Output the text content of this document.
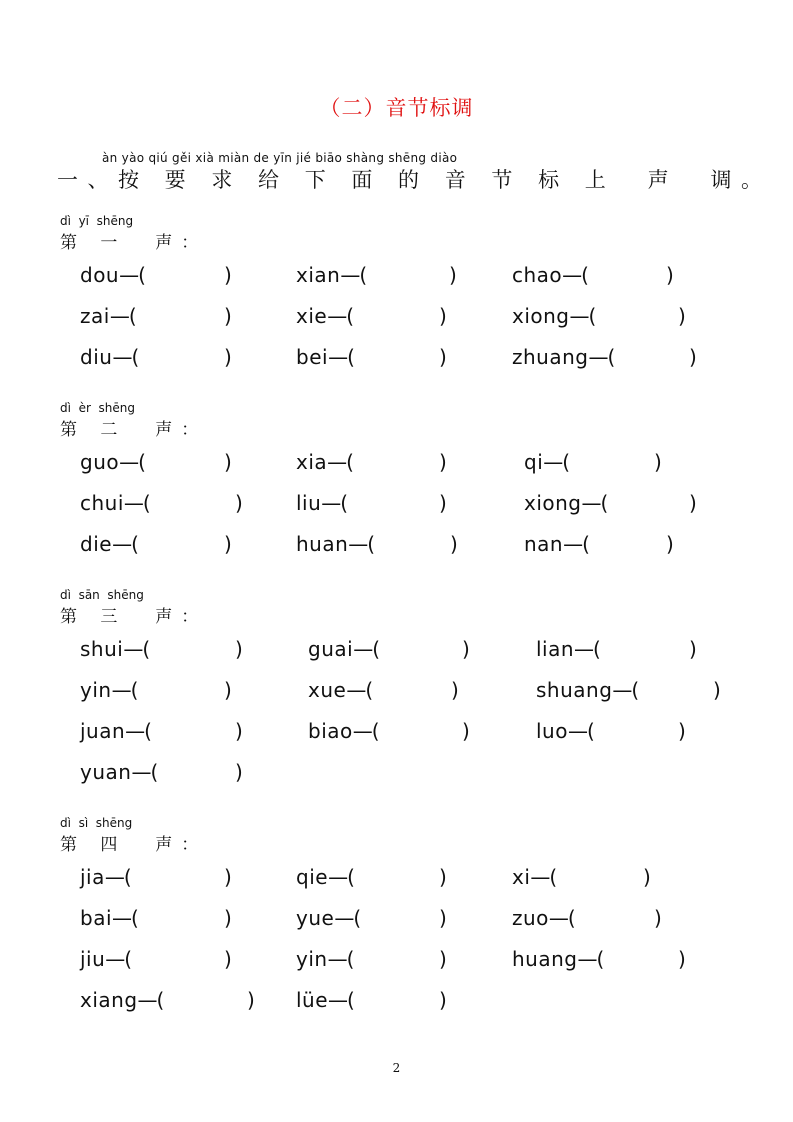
（二）音节标调
àn yào qiú gěi xià miàn de yīn jié biāo shàng shēng diào
一、按 要 求 给 下 面 的 音 节 标 上  声  调。
dì  yī  shēng
第 一  声：
dou—(	)	xian—(	)	chao—(	)
zai—(	)	xie—(	)	xiong—(	)
diu—(	)	bei—(	)	zhuang—(	)
dì  èr  shēng
第 二  声：
guo—(	)	xia—(	)	qi—(	)
chui—(	)	liu—(	)	xiong—(	)
die—(	)	huan—(	)	nan—(	)
dì  sān  shēng
第 三  声：
shui—(	)	guai—(	)	lian—(	)
yin—(	)	xue—(	)	shuang—(	)
juan—(	)	biao—(	)	luo—(	)
yuan—(	)
dì  sì  shēng
第 四  声：
jia—(	)	qie—(	)	xi—(	)
bai—(	)	yue—(	)	zuo—(	)
jiu—(	)	yin—(	)	huang—(	)
xiang—(	) lüe—(	)
2
